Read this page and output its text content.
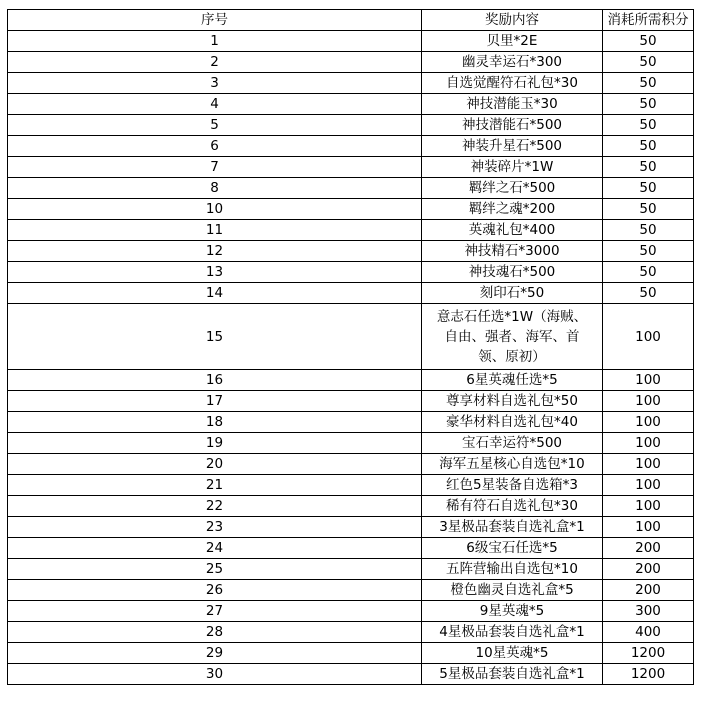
序号	奖励内容	消耗所需积分
1	贝里*2E	50
2	幽灵幸运石*300	50
3	自选觉醒符石礼包*30	50
4	神技潜能玉*30	50
5	神技潜能石*500	50
6	神装升星石*500	50
7	神装碎片*1W	50
8	羁绊之石*500	50
10	羁绊之魂*200	50
11	英魂礼包*400	50
12	神技精石*3000	50
13	神技魂石*500	50
14	刻印石*50	50
15	意志石任选*1W（海贼、自由、强者、海军、首领、原初）	100
16	6星英魂任选*5	100
17	尊享材料自选礼包*50	100
18	豪华材料自选礼包*40	100
19	宝石幸运符*500	100
20	海军五星核心自选包*10	100
21	红色5星装备自选箱*3	100
22	稀有符石自选礼包*30	100
23	3星极品套装自选礼盒*1	100
24	6级宝石任选*5	200
25	五阵营输出自选包*10	200
26	橙色幽灵自选礼盒*5	200
27	9星英魂*5	300
28	4星极品套装自选礼盒*1	400
29	10星英魂*5	1200
30	5星极品套装自选礼盒*1	1200
